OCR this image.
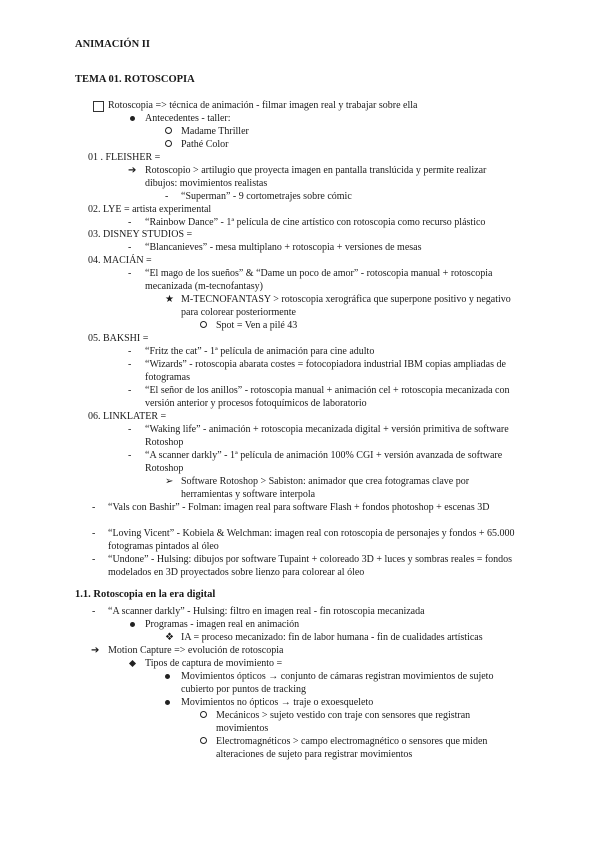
ANIMACIÓN II
TEMA 01. ROTOSCOPIA
Rotoscopia => técnica de animación - filmar imagen real y trabajar sobre ella
Antecedentes - taller:
Madame Thriller
Pathé Color
01 . FLEISHER =
➔ Rotoscopio > artilugio que proyecta imagen en pantalla translúcida y permite realizar dibujos: movimientos realistas
- “Superman” - 9 cortometrajes sobre cómic
02. LYE = artista experimental
- “Rainbow Dance” - 1ª película de cine artístico con rotoscopia como recurso plástico
03. DISNEY STUDIOS =
- “Blancanieves” - mesa multiplano + rotoscopia + versiones de mesas
04. MACIÁN =
- “El mago de los sueños” & “Dame un poco de amor” - rotoscopia manual + rotoscopia mecanizada (m-tecnofantasy)
★ M-TECNOFANTASY > rotoscopia xerográfica que superpone positivo y negativo para colorear posteriormente
Spot = Ven a pilé 43
05. BAKSHI =
- “Fritz the cat” - 1ª película de animación para cine adulto
- “Wizards” - rotoscopia abarata costes = fotocopiadora industrial IBM copias ampliadas de fotogramas
- “El señor de los anillos” - rotoscopia manual + animación cel + rotoscopia mecanizada con versión anterior y procesos fotoquímicos de laboratorio
06. LINKLATER =
- “Waking life” - animación + rotoscopia mecanizada digital + versión primitiva de software Rotoshop
- “A scanner darkly” - 1ª película de animación 100% CGI + versión avanzada de software Rotoshop
➢ Software Rotoshop > Sabiston: animador que crea fotogramas clave por herramientas y software interpola
- “Vals con Bashir” - Folman: imagen real para software Flash + fondos photoshop + escenas 3D
- “Loving Vicent” - Kobiela & Welchman: imagen real con rotoscopia de personajes y fondos + 65.000 fotogramas pintados al óleo
- “Undone” - Hulsing: dibujos por software Tupaint + coloreado 3D + luces y sombras reales = fondos modelados en 3D proyectados sobre lienzo para colorear al óleo
1.1. Rotoscopia en la era digital
- “A scanner darkly” - Hulsing: filtro en imagen real - fin rotoscopia mecanizada
Programas - imagen real en animación
❖ IA = proceso mecanizado: fin de labor humana - fin de cualidades artísticas
➔ Motion Capture => evolución de rotoscopia
Tipos de captura de movimiento =
Movimientos ópticos → conjunto de cámaras registran movimientos de sujeto cubierto por puntos de tracking
Movimientos no ópticos → traje o exoesqueleto
Mecánicos > sujeto vestido con traje con sensores que registran movimientos
Electromagnéticos > campo electromagnético o sensores que miden alteraciones de sujeto para registrar movimientos
